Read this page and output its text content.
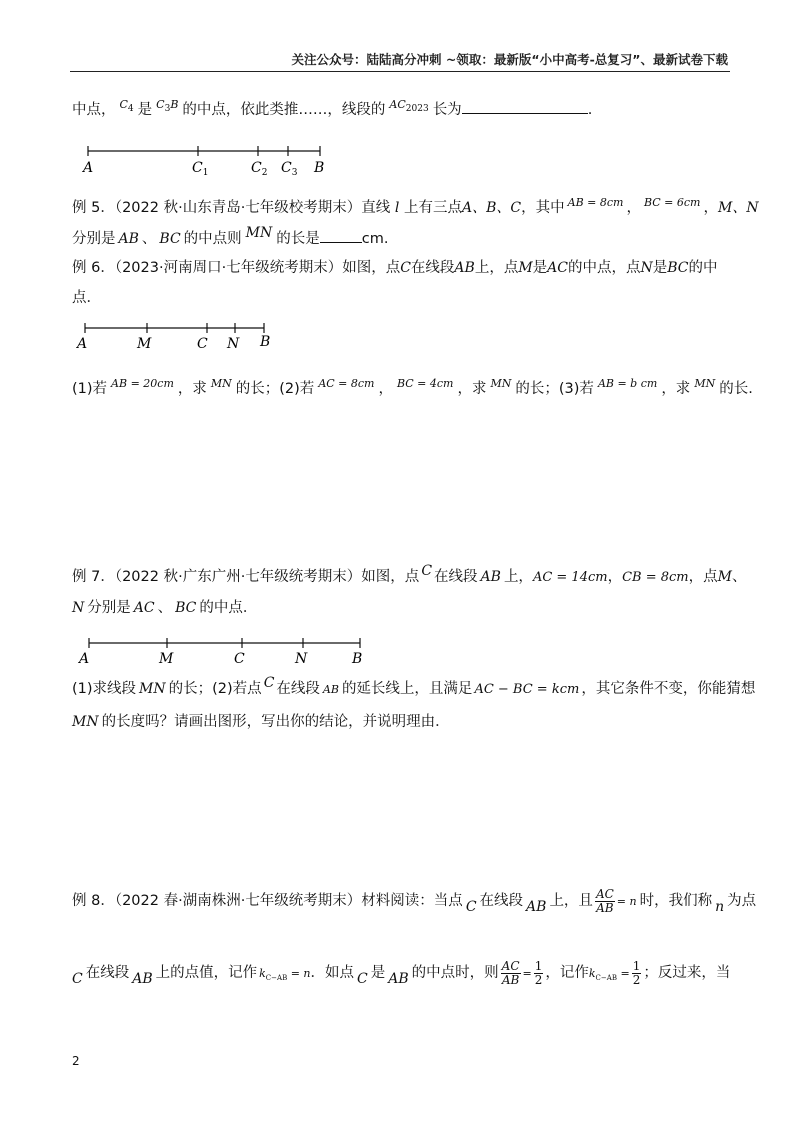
关注公众号：陆陆高分冲刺 ~领取：最新版“小中高考-总复习”、最新试卷下载
中点， $^{C_4}$ 是 $^{C_3B}$ 的中点，依此类推……，线段的 $^{AC_{2023}}$ 长为	.
A	$C_1$	$C_2$ $C_3$ B
例 5．（2022 秋·山东青岛·七年级校考期末）直线 l 上有三点A、B、C，其中 $^{AB = 8cm}$ ， $^{BC = 6cm}$ ，M、N
分别是 AB 、 BC 的中点则 MN 的长是	cm.
例 6．（2023·河南周口·七年级统考期末）如图，点C在线段AB上，点M是AC的中点，点N是BC的中
点．
A	M	C N B
(1)若 $^{AB = 20cm}$ ，求 $^{MN}$ 的长；(2)若 $^{AC = 8cm}$ ， $^{BC = 4cm}$ ，求 $^{MN}$ 的长；(3)若 $^{AB = b cm}$ ，求 $^{MN}$ 的长.
例 7．（2022 秋·广东广州·七年级统考期末）如图，点 C 在线段 AB 上，AC = 14cm，CB = 8cm，点M、
N 分别是 AC 、 BC 的中点．
A	M	C	N	B
(1)求线段 MN 的长；(2)若点 C 在线段 AB 的延长线上，且满足 AC − BC = kcm ，其它条件不变，你能猜想
MN 的长度吗？请画出图形，写出你的结论，并说明理由．
例 8．（2022 春·湖南株洲·七年级统考期末）材料阅读：当点 C 在线段 AB 上，且 $\frac{AC}{AB} = n$ 时，我们称 n 为点
C 在线段 AB 上的点值，记作 $k_{C-AB} = n$．如点 C 是 AB 的中点时，则 $\frac{AC}{AB} = \frac{1}{2}$ ，记作$k_{C-AB} = \frac{1}{2}$ ；反过来，当
2
